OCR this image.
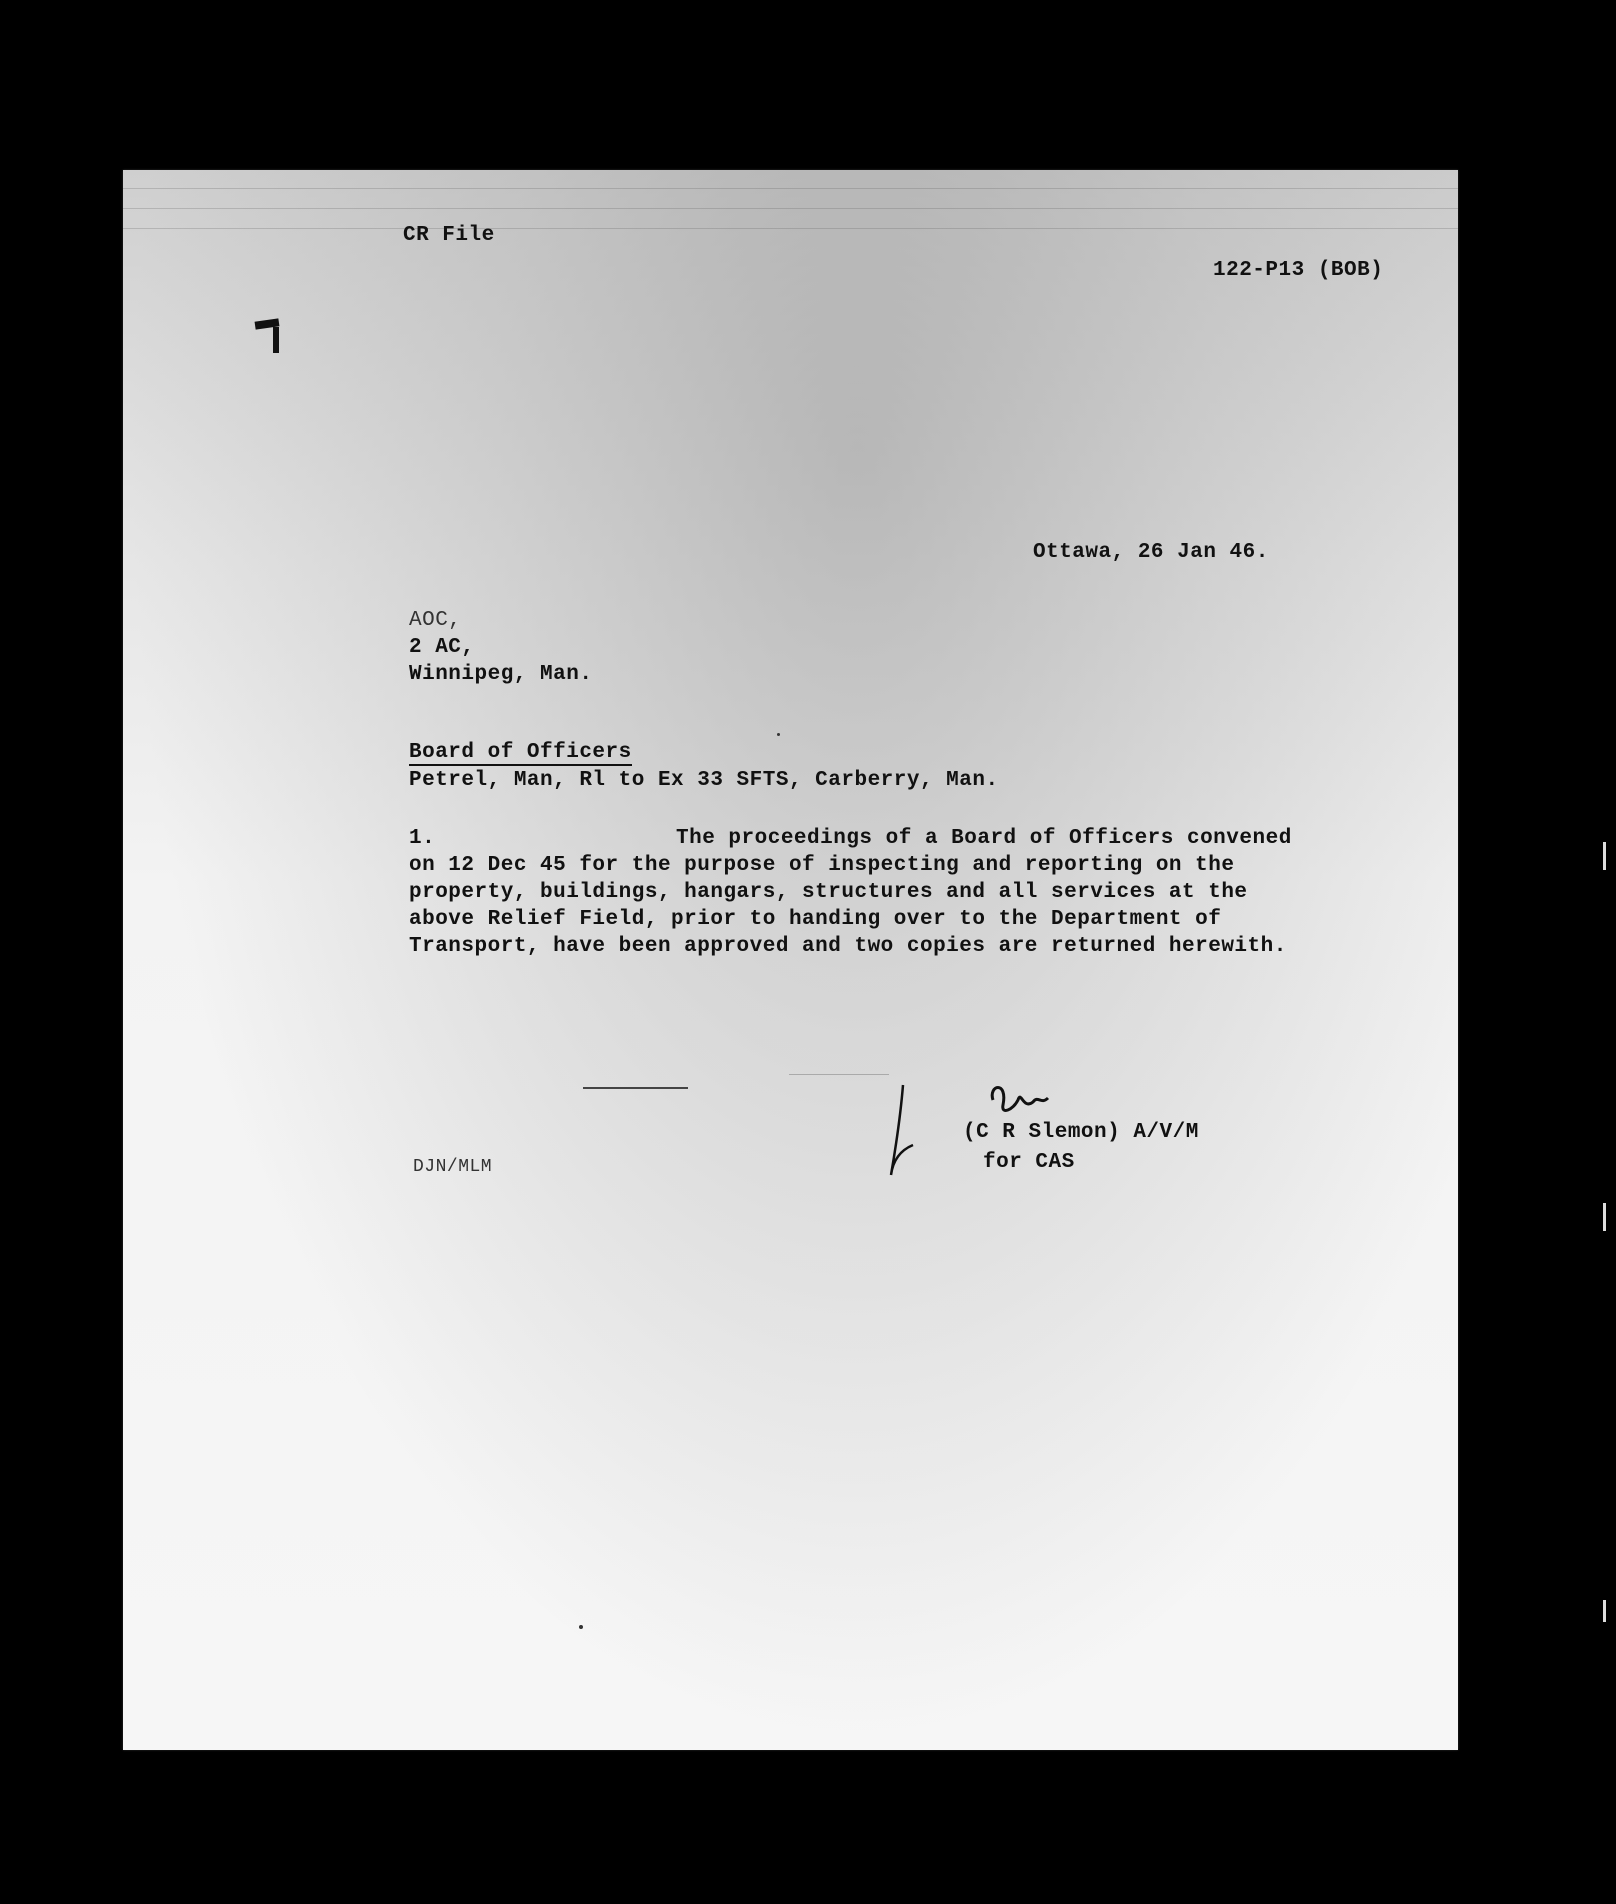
CR File
122-P13 (BOB)
Ottawa, 26 Jan 46.
AOC,
2 AC,
Winnipeg, Man.
Board of Officers
Petrel, Man, Rl to Ex 33 SFTS, Carberry, Man.
1.	The proceedings of a Board of Officers convened
on 12 Dec 45 for the purpose of inspecting and reporting on the
property, buildings, hangars, structures and all services at the
above Relief Field, prior to handing over to the Department of
Transport, have been approved and two copies are returned herewith.
(C R Slemon) A/V/M
for CAS
DJN/MLM
